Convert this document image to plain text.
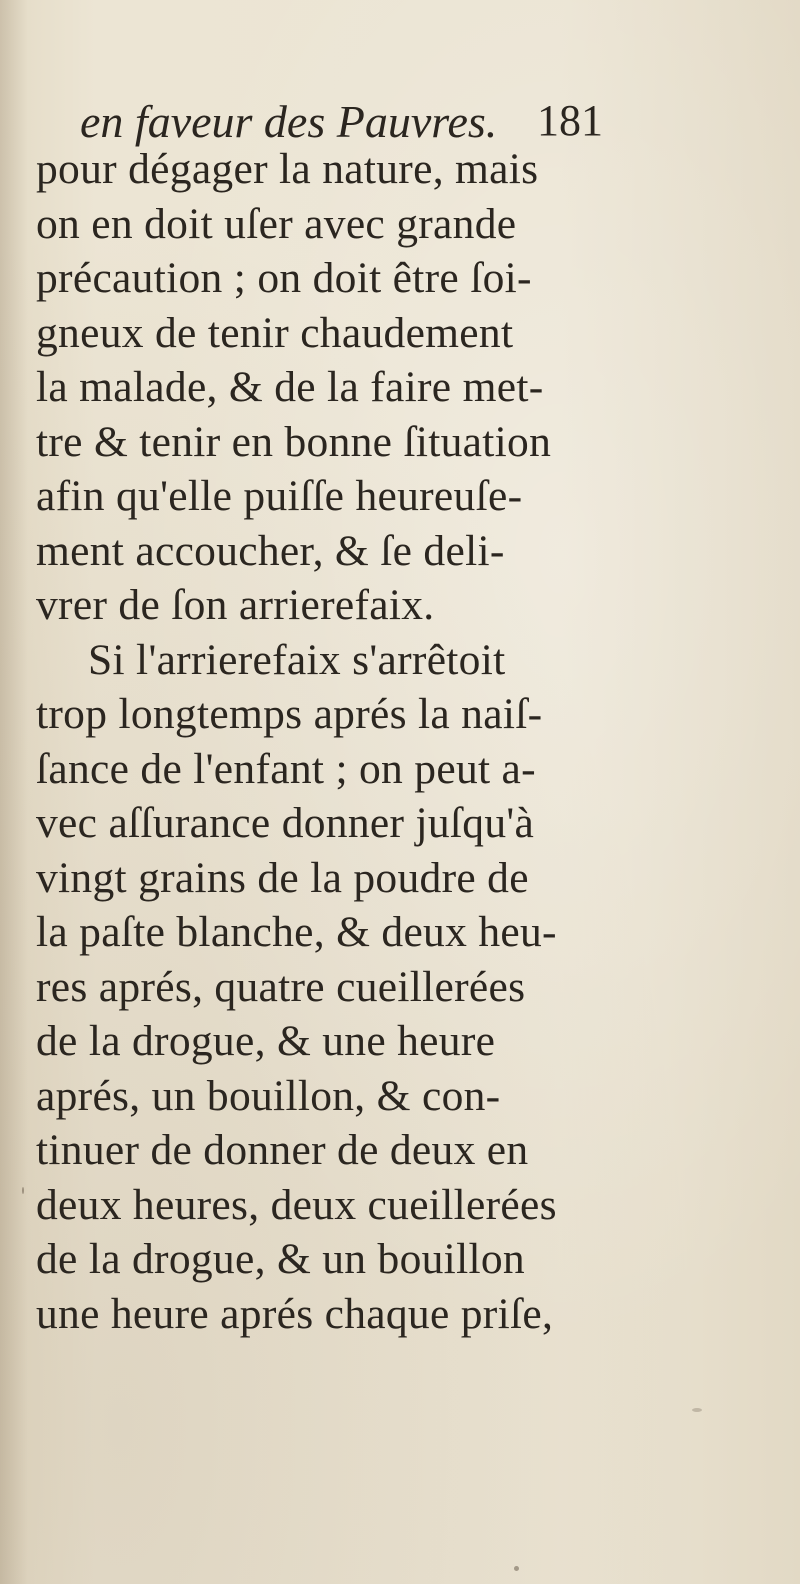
en faveur des Pauvres. 181
pour dégager la nature, mais
on en doit uſer avec grande
précaution ; on doit être ſoi-
gneux de tenir chaudement
la malade, & de la faire met-
tre & tenir en bonne ſituation
afin qu'elle puiſſe heureuſe-
ment accoucher, & ſe deli-
vrer de ſon arrierefaix.
Si l'arrierefaix s'arrêtoit
trop longtemps aprés la naiſ-
ſance de l'enfant ; on peut a-
vec aſſurance donner juſqu'à
vingt grains de la poudre de
la paſte blanche, & deux heu-
res aprés, quatre cueillerées
de la drogue, & une heure
aprés, un bouillon, & con-
tinuer de donner de deux en
deux heures, deux cueillerées
de la drogue, & un bouillon
une heure aprés chaque priſe,
